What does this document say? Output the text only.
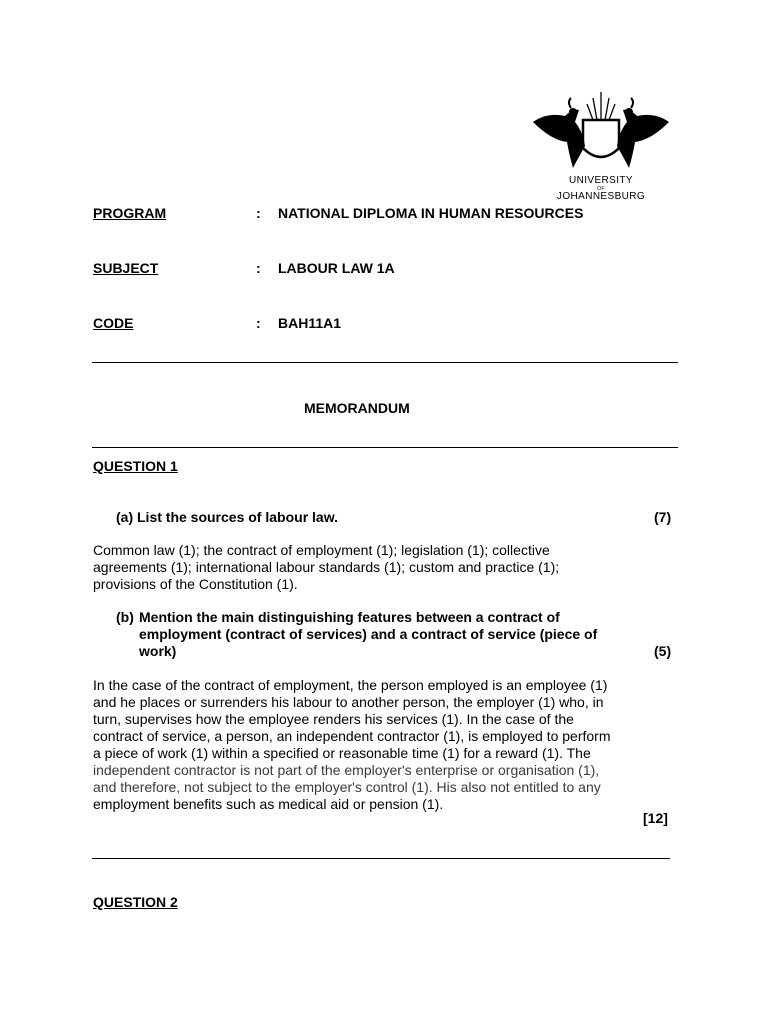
UNIVERSITY
OF
JOHANNESBURG
PROGRAM	: NATIONAL DIPLOMA IN HUMAN RESOURCES
SUBJECT	: LABOUR LAW 1A
CODE	: BAH11A1
MEMORANDUM
QUESTION 1
(a) List the sources of labour law.	(7)
Common law (1); the contract of employment (1); legislation (1); collective
agreements (1); international labour standards (1); custom and practice (1);
provisions of the Constitution (1).
(b) Mention the main distinguishing features between a contract of
employment (contract of services) and a contract of service (piece of
work)	(5)
In the case of the contract of employment, the person employed is an employee (1)
and he places or surrenders his labour to another person, the employer (1) who, in
turn, supervises how the employee renders his services (1). In the case of the
contract of service, a person, an independent contractor (1), is employed to perform
a piece of work (1) within a specified or reasonable time (1) for a reward (1). The
independent contractor is not part of the employer's enterprise or organisation (1),
and therefore, not subject to the employer's control (1). His also not entitled to any
employment benefits such as medical aid or pension (1).
[12]
QUESTION 2
